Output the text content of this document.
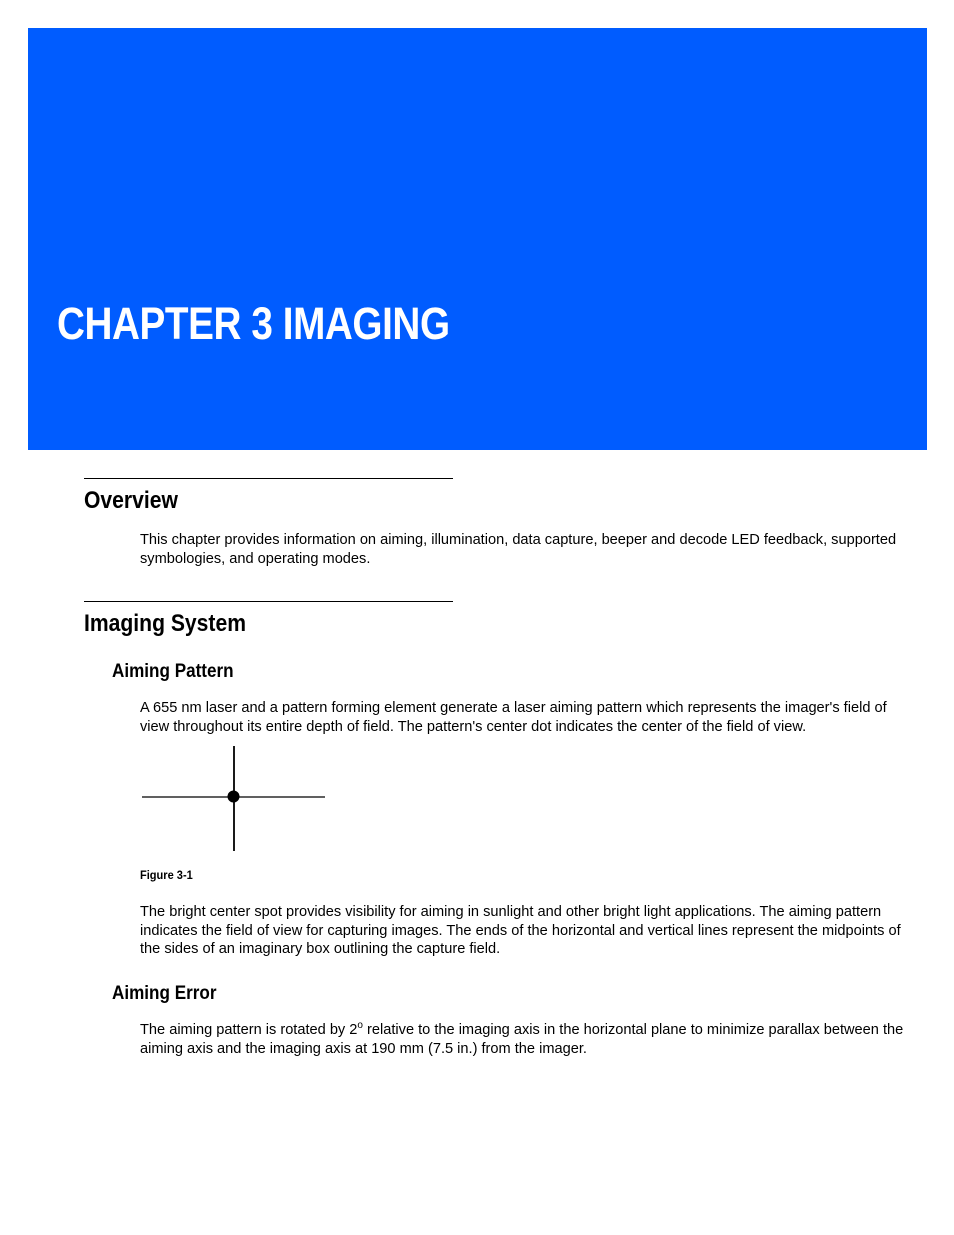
CHAPTER 3 IMAGING
Overview

This chapter provides information on aiming, illumination, data capture, beeper and decode LED feedback, supported symbologies, and operating modes.

Imaging System
Aiming Pattern

A 655 nm laser and a pattern forming element generate a laser aiming pattern which represents the imager's field of view throughout its entire depth of field. The pattern's center dot indicates the center of the field of view.

Figure 3-1

The bright center spot provides visibility for aiming in sunlight and other bright light applications. The aiming pattern indicates the field of view for capturing images. The ends of the horizontal and vertical lines represent the midpoints of the sides of an imaginary box outlining the capture field.

Aiming Error

The aiming pattern is rotated by 2$^o$ relative to the imaging axis in the horizontal plane to minimize parallax between the aiming axis and the imaging axis at 190 mm (7.5 in.) from the imager.
